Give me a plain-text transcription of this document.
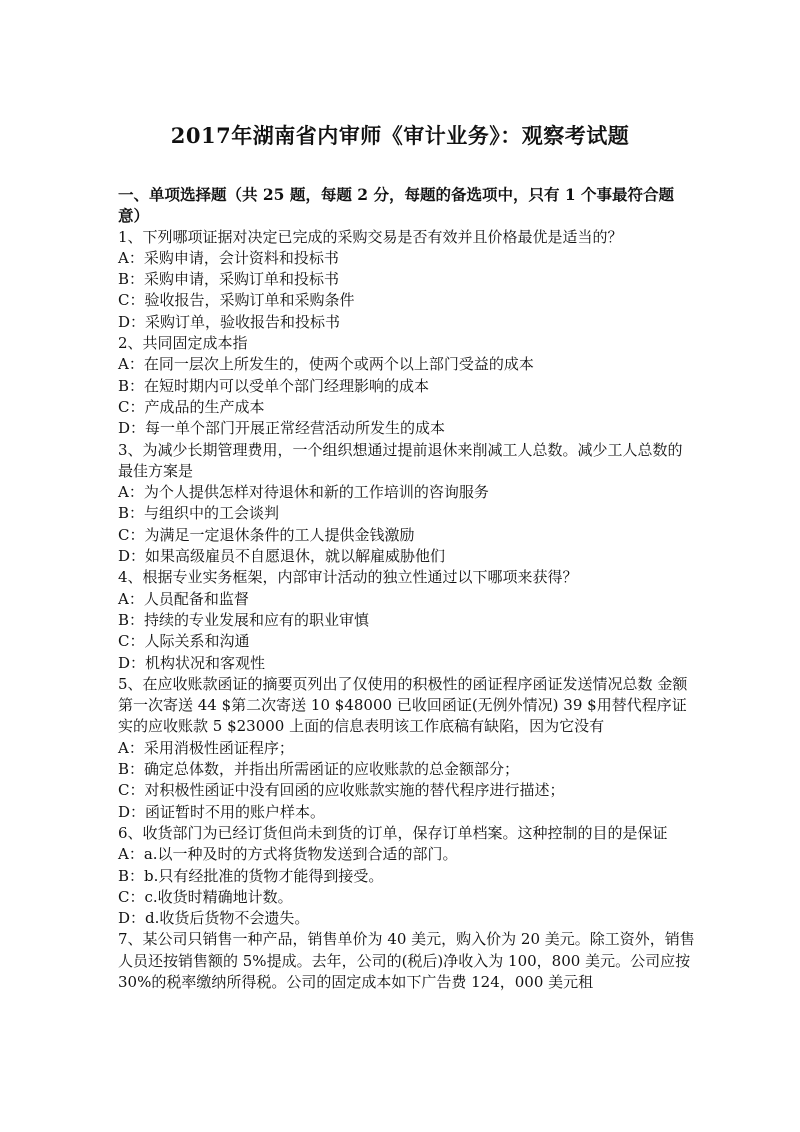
2017年湖南省内审师《审计业务》：观察考试题
一、单项选择题（共 25 题，每题 2 分，每题的备选项中，只有 1 个事最符合题意）
1、下列哪项证据对决定已完成的采购交易是否有效并且价格最优是适当的？
A：采购申请，会计资料和投标书
B：采购申请，采购订单和投标书
C：验收报告，采购订单和采购条件
D：采购订单，验收报告和投标书
2、共同固定成本指
A：在同一层次上所发生的，使两个或两个以上部门受益的成本
B：在短时期内可以受单个部门经理影响的成本
C：产成品的生产成本
D：每一单个部门开展正常经营活动所发生的成本
3、为减少长期管理费用，一个组织想通过提前退休来削减工人总数。减少工人总数的最佳方案是
A：为个人提供怎样对待退休和新的工作培训的咨询服务
B：与组织中的工会谈判
C：为满足一定退休条件的工人提供金钱激励
D：如果高级雇员不自愿退休，就以解雇威胁他们
4、根据专业实务框架，内部审计活动的独立性通过以下哪项来获得？
A：人员配备和监督
B：持续的专业发展和应有的职业审慎
C：人际关系和沟通
D：机构状况和客观性
5、在应收账款函证的摘要页列出了仅使用的积极性的函证程序函证发送情况总数 金额第一次寄送 44 $第二次寄送 10 $48000 已收回函证(无例外情况) 39 $用替代程序证实的应收账款 5 $23000 上面的信息表明该工作底稿有缺陷，因为它没有
A：采用消极性函证程序；
B：确定总体数，并指出所需函证的应收账款的总金额部分；
C：对积极性函证中没有回函的应收账款实施的替代程序进行描述；
D：函证暂时不用的账户样本。
6、收货部门为已经订货但尚未到货的订单，保存订单档案。这种控制的目的是保证
A：a.以一种及时的方式将货物发送到合适的部门。
B：b.只有经批准的货物才能得到接受。
C：c.收货时精确地计数。
D：d.收货后货物不会遗失。
7、某公司只销售一种产品，销售单价为 40 美元，购入价为 20 美元。除工资外，销售人员还按销售额的 5%提成。去年，公司的(税后)净收入为 100，800 美元。公司应按 30%的税率缴纳所得税。公司的固定成本如下广告费 124，000 美元租
